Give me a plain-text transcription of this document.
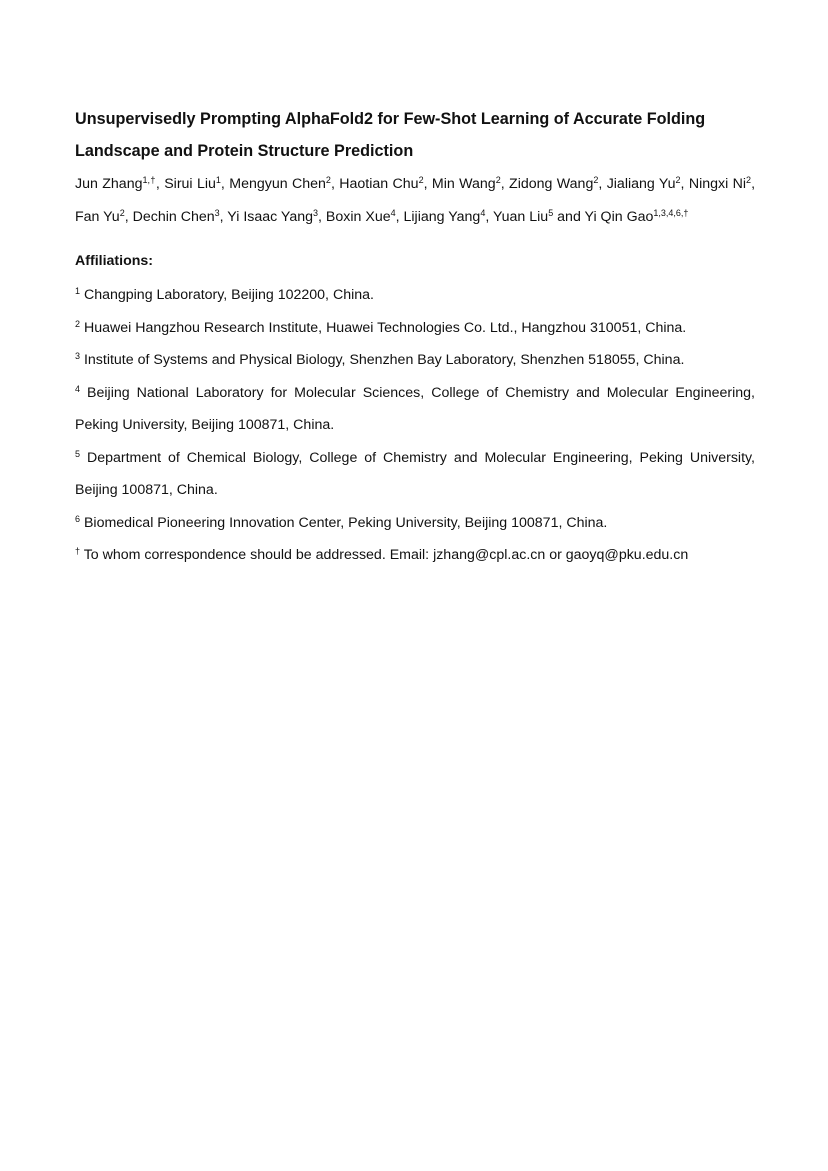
Unsupervisedly Prompting AlphaFold2 for Few-Shot Learning of Accurate Folding Landscape and Protein Structure Prediction

Jun Zhang$^{1,\dagger}$, Sirui Liu$^1$, Mengyun Chen$^2$, Haotian Chu$^2$, Min Wang$^2$, Zidong Wang$^2$, Jialiang Yu$^2$, Ningxi Ni$^2$, Fan Yu$^2$, Dechin Chen$^3$, Yi Isaac Yang$^3$, Boxin Xue$^4$, Lijiang Yang$^4$, Yuan Liu$^5$ and Yi Qin Gao$^{1,3,4,6,\dagger}$

Affiliations:

$^1$ Changping Laboratory, Beijing 102200, China.

$^2$ Huawei Hangzhou Research Institute, Huawei Technologies Co. Ltd., Hangzhou 310051, China.

$^3$ Institute of Systems and Physical Biology, Shenzhen Bay Laboratory, Shenzhen 518055, China.

$^4$ Beijing National Laboratory for Molecular Sciences, College of Chemistry and Molecular Engineering, Peking University, Beijing 100871, China.

$^5$ Department of Chemical Biology, College of Chemistry and Molecular Engineering, Peking University, Beijing 100871, China.

$^6$ Biomedical Pioneering Innovation Center, Peking University, Beijing 100871, China.

† To whom correspondence should be addressed. Email: jzhang@cpl.ac.cn or gaoyq@pku.edu.cn
